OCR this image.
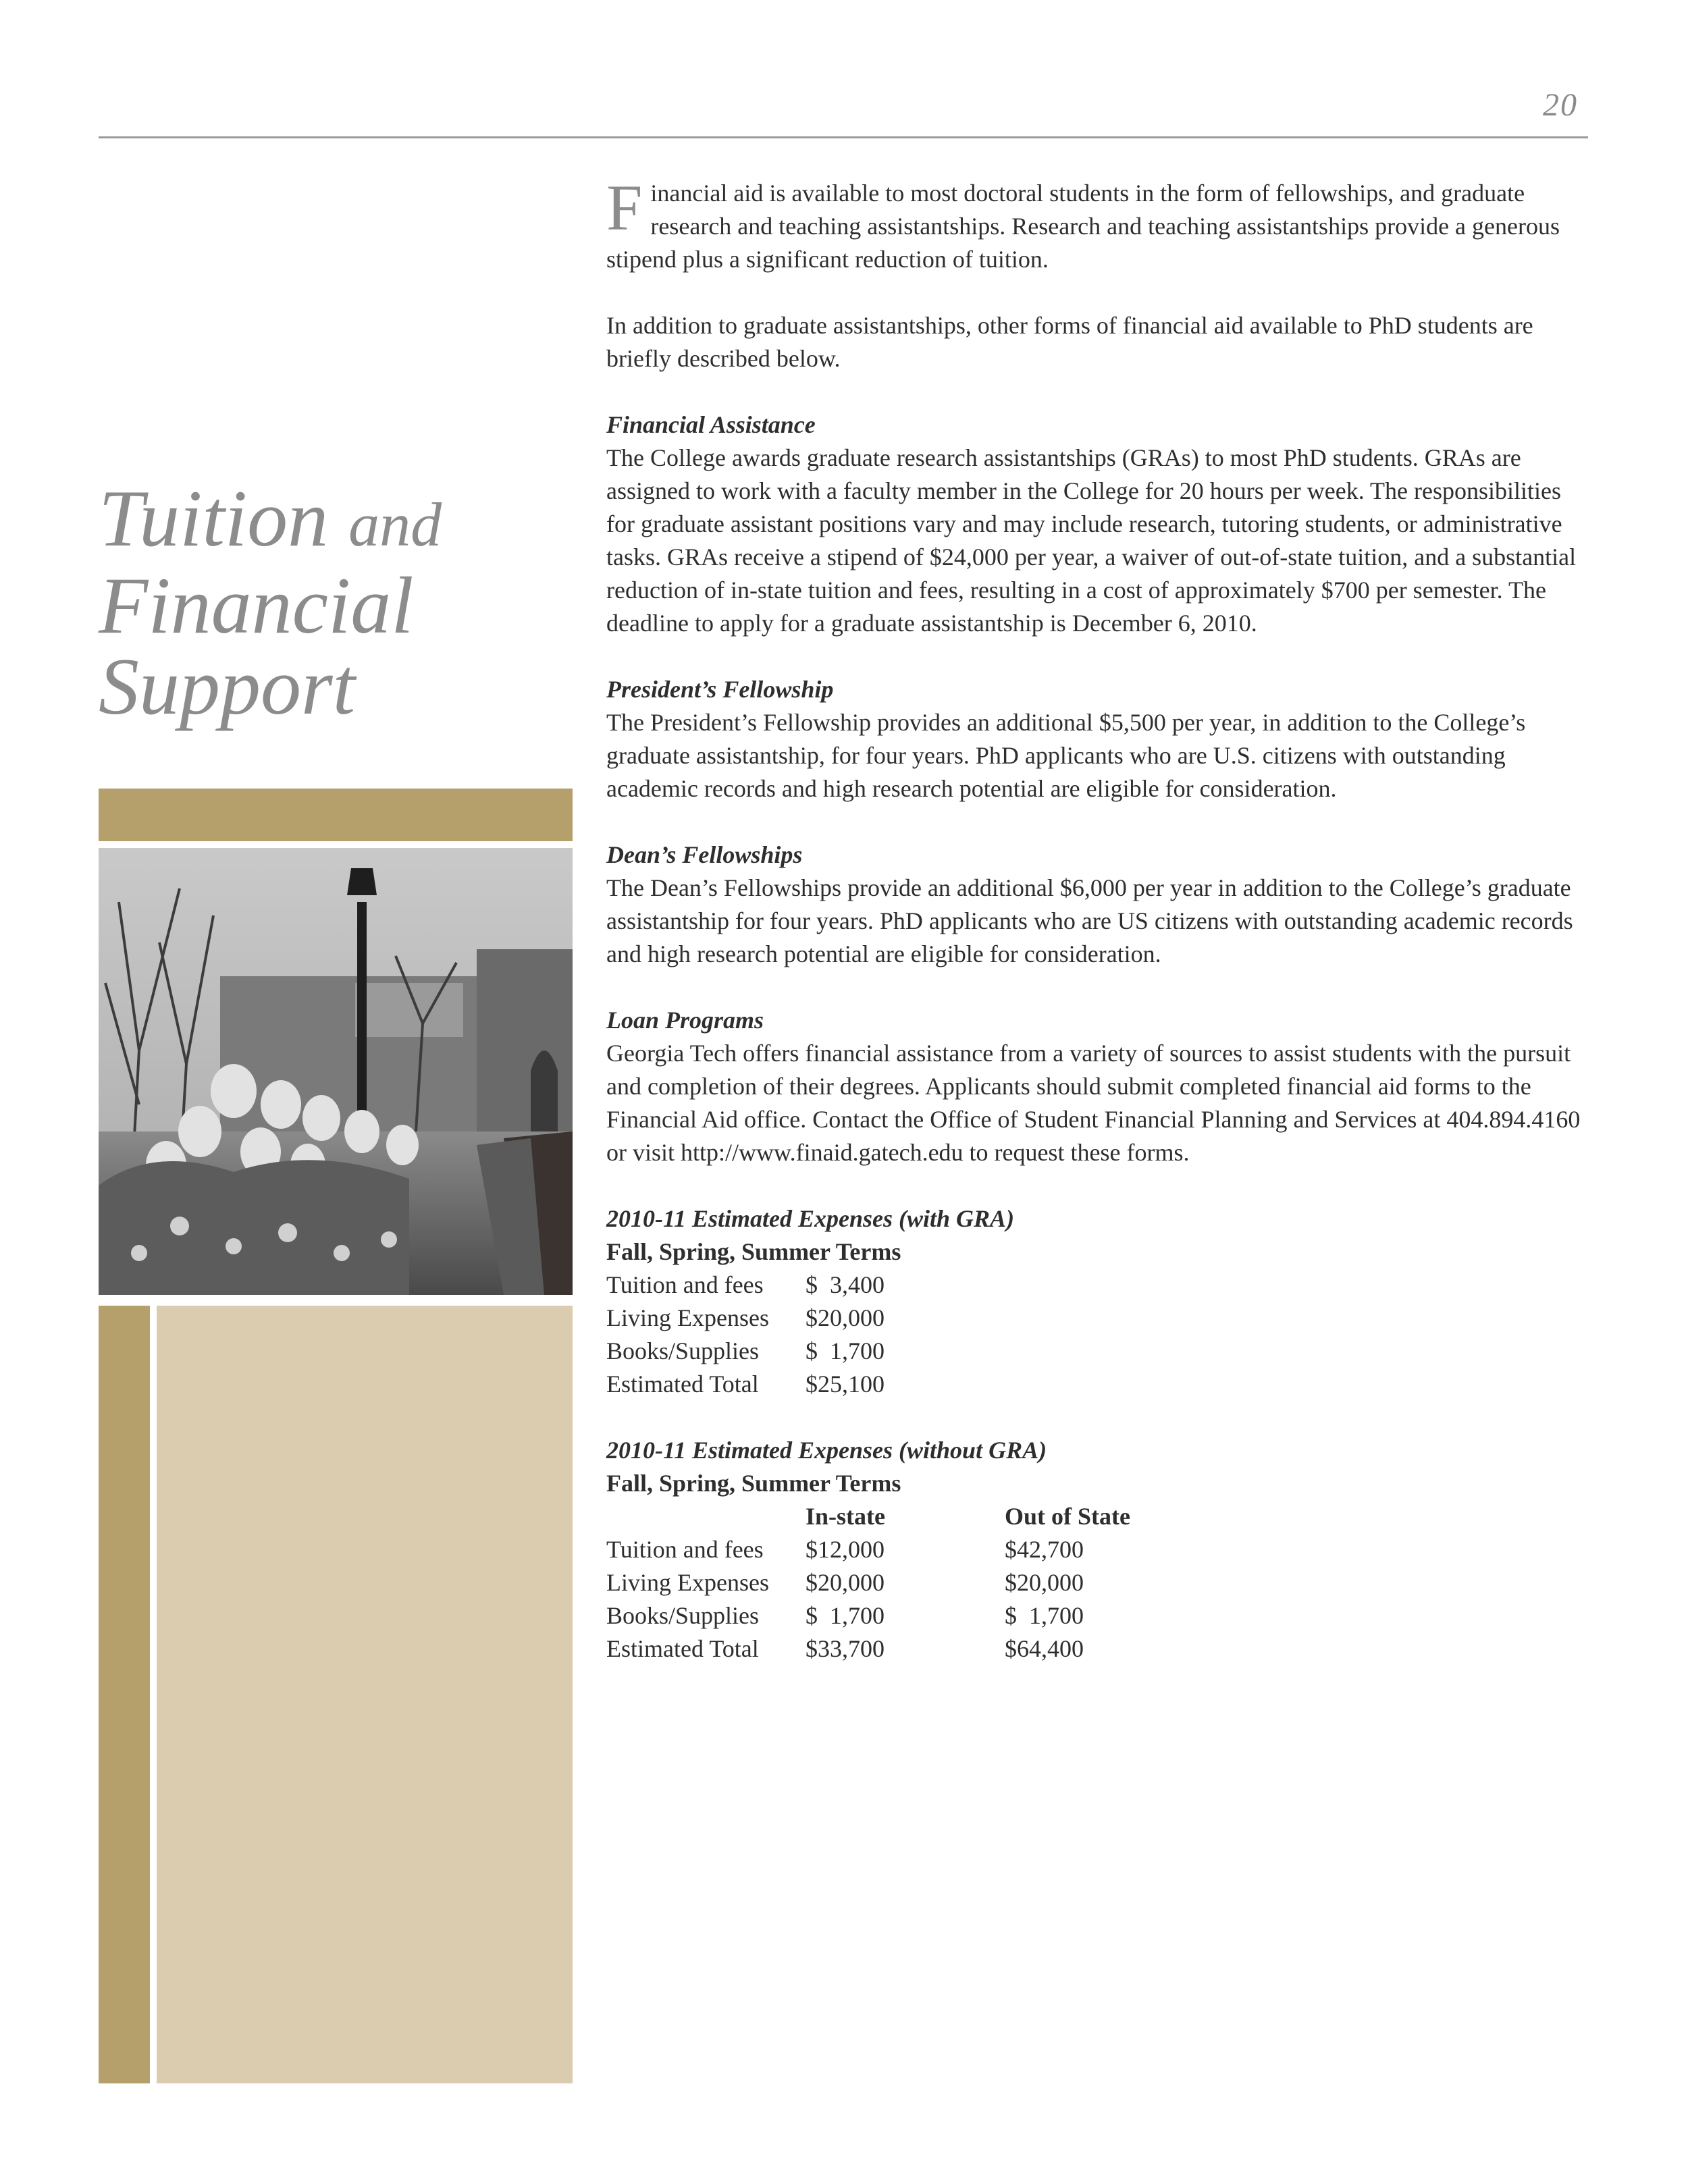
20
Tuition and
Financial
Support

Financial aid is available to most doctoral students in the form of fellowships, and graduate research and teaching assistantships. Research and teaching assistantships provide a generous stipend plus a significant reduction of tuition.

In addition to graduate assistantships, other forms of financial aid available to PhD students are briefly described below.

Financial Assistance
The College awards graduate research assistantships (GRAs) to most PhD students. GRAs are assigned to work with a faculty member in the College for 20 hours per week. The responsibilities for graduate assistant positions vary and may include research, tutoring students, or administrative tasks. GRAs receive a stipend of $24,000 per year, a waiver of out-of-state tuition, and a substantial reduction of in-state tuition and fees, resulting in a cost of approximately $700 per semester. The deadline to apply for a graduate assistantship is December 6, 2010.

President’s Fellowship
The President’s Fellowship provides an additional $5,500 per year, in addition to the College’s graduate assistantship, for four years. PhD applicants who are U.S. citizens with outstanding academic records and high research potential are eligible for consideration.

Dean’s Fellowships
The Dean’s Fellowships provide an additional $6,000 per year in addition to the College’s graduate assistantship for four years. PhD applicants who are US citizens with outstanding academic records and high research potential are eligible for consideration.

Loan Programs
Georgia Tech offers financial assistance from a variety of sources to assist students with the pursuit and completion of their degrees. Applicants should submit completed financial aid forms to the Financial Aid office. Contact the Office of Student Financial Planning and Services at 404.894.4160 or visit http://www.finaid.gatech.edu to request these forms.

2010-11 Estimated Expenses (with GRA)
Fall, Spring, Summer Terms
Tuition and fees	$  3,400
Living Expenses	$20,000
Books/Supplies	$  1,700
Estimated Total	$25,100
2010-11 Estimated Expenses (without GRA)
Fall, Spring, Summer Terms
	In-state	Out of State
Tuition and fees	$12,000	$42,700
Living Expenses	$20,000	$20,000
Books/Supplies	$  1,700	$  1,700
Estimated Total	$33,700	$64,400
